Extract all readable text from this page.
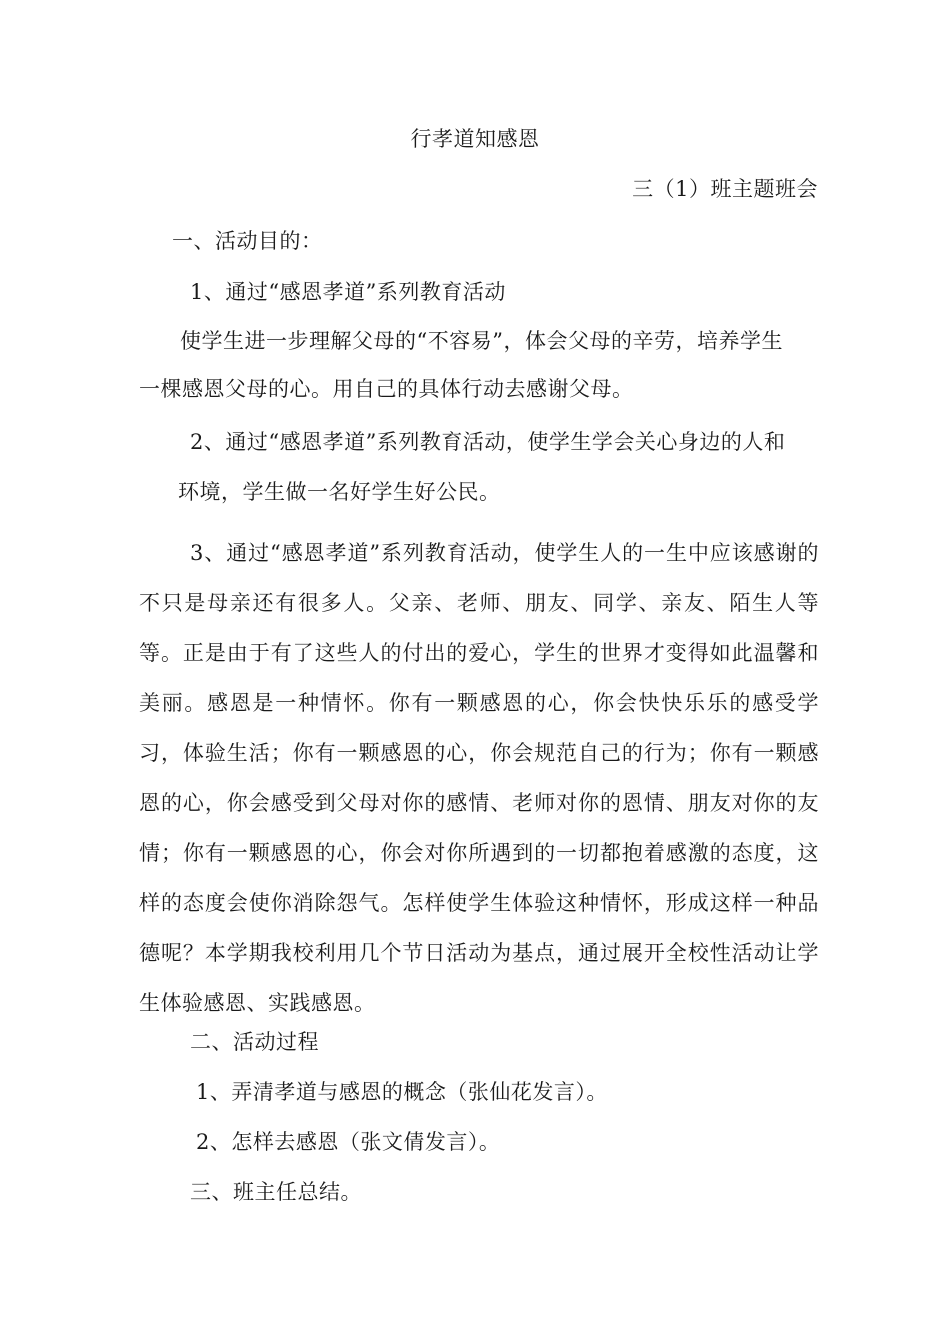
行孝道知感恩
三（1）班主题班会
一、活动目的：
1、通过“感恩孝道”系列教育活动
使学生进一步理解父母的“不容易”，体会父母的辛劳，培养学生
一棵感恩父母的心。用自己的具体行动去感谢父母。
2、通过“感恩孝道”系列教育活动，使学生学会关心身边的人和
环境，学生做一名好学生好公民。

3、通过“感恩孝道”系列教育活动，使学生人的一生中应该感谢的不只是母亲还有很多人。父亲、老师、朋友、同学、亲友、陌生人等等。正是由于有了这些人的付出的爱心，学生的世界才变得如此温馨和美丽。感恩是一种情怀。你有一颗感恩的心，你会快快乐乐的感受学习，体验生活；你有一颗感恩的心，你会规范自己的行为；你有一颗感恩的心，你会感受到父母对你的感情、老师对你的恩情、朋友对你的友情；你有一颗感恩的心，你会对你所遇到的一切都抱着感激的态度，这样的态度会使你消除怨气。怎样使学生体验这种情怀，形成这样一种品德呢？本学期我校利用几个节日活动为基点，通过展开全校性活动让学生体验感恩、实践感恩。

二、活动过程
1、弄清孝道与感恩的概念（张仙花发言）。
2、怎样去感恩（张文倩发言）。
三、班主任总结。
